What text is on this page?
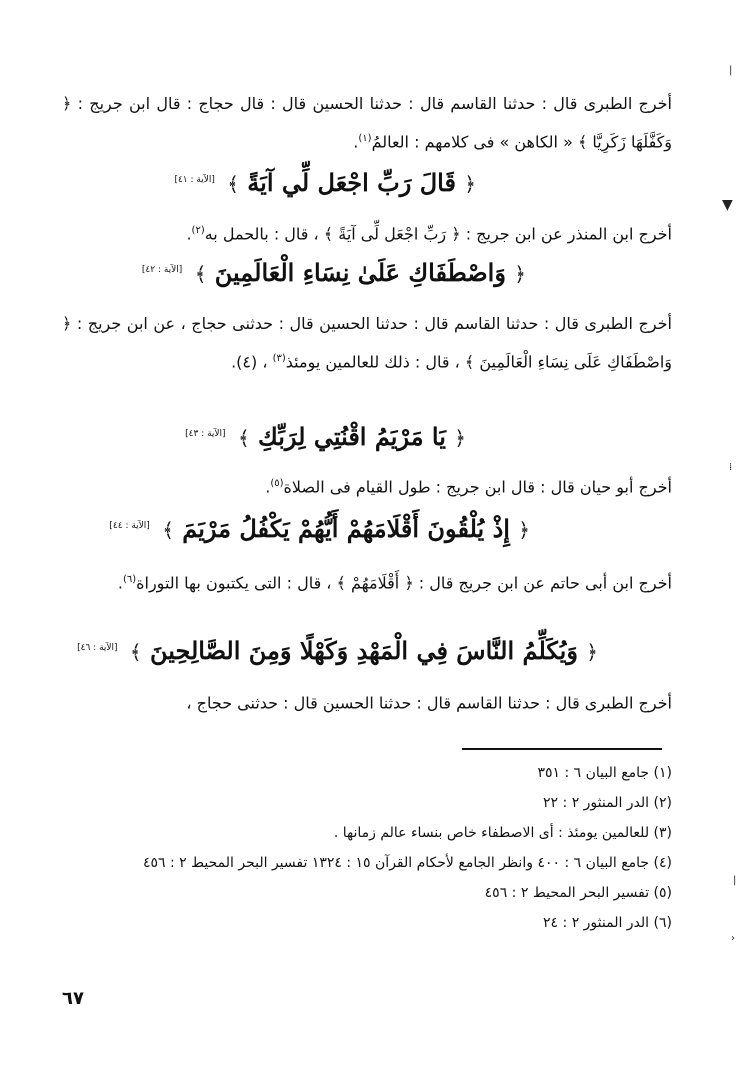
أخرج الطبرى قال : حدثنا القاسم قال : حدثنا الحسين قال : قال حجاج : قال ابن جريج : ﴿ وَكَفَّلَهَا زَكَرِيَّا ﴾ « الكاهن » فى كلامهم : العالمُ$^{(١)}$.

﴿ قَالَ رَبِّ اجْعَل لِّي آيَةً ﴾ [الآية : ٤١]

أخرج ابن المنذر عن ابن جريج : ﴿ رَبِّ اجْعَل لِّى آيَةً ﴾ ، قال : بالحمل به$^{(٢)}$.

﴿ وَاصْطَفَاكِ عَلَىٰ نِسَاءِ الْعَالَمِينَ ﴾ [الآية : ٤٢]

أخرج الطبرى قال : حدثنا القاسم قال : حدثنا الحسين قال : حدثنى حجاج ، عن ابن جريج : ﴿ وَاصْطَفَاكِ عَلَى نِسَاءِ الْعَالَمِينَ ﴾ ، قال : ذلك للعالمين يومئذ$^{(٣)}$ ، (٤).

﴿ يَا مَرْيَمُ اقْنُتِي لِرَبِّكِ ﴾ [الآية : ٤٣]

أخرج أبو حيان قال : قال ابن جريج : طول القيام فى الصلاة$^{(٥)}$.

﴿ إِذْ يُلْقُونَ أَقْلَامَهُمْ أَيُّهُمْ يَكْفُلُ مَرْيَمَ ﴾ [الآية : ٤٤]

أخرج ابن أبى حاتم عن ابن جريج قال : ﴿ أَقْلَامَهُمْ ﴾ ، قال : التى يكتبون بها التوراة$^{(٦)}$.

﴿ وَيُكَلِّمُ النَّاسَ فِي الْمَهْدِ وَكَهْلًا وَمِنَ الصَّالِحِينَ ﴾ [الآية : ٤٦]

أخرج الطبرى قال : حدثنا القاسم قال : حدثنا الحسين قال : حدثنى حجاج ،

(١) جامع البيان ٦ : ٣٥١

(٢) الدر المنثور ٢ : ٢٢

(٣) للعالمين يومئذ : أى الاصطفاء خاص بنساء عالم زمانها .

(٤) جامع البيان ٦ : ٤٠٠ وانظر الجامع لأحكام القرآن ١٥ : ١٣٢٤ تفسير البحر المحيط ٢ : ٤٥٦

(٥) تفسير البحر المحيط ٢ : ٤٥٦

(٦) الدر المنثور ٢ : ٢٤

٦٧
▼
|
⁞
|
›
